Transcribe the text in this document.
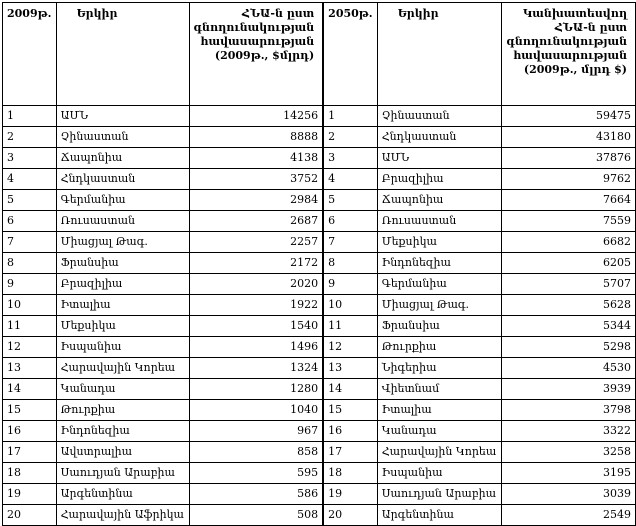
2009թ.	Երկիր	ՀՆԱ-ն ըստ գնողունակության հավասարության (2009թ., $մլրդ)	2050թ.	Երկիր	Կանխատեսվող ՀՆԱ-ն ըստ գնողունակության հավասարության (2009թ., մլրդ $)
1	ԱՄՆ	14256	1	Չինաստան	59475
2	Չինաստան	8888	2	Հնդկաստան	43180
3	Ճապոնիա	4138	3	ԱՄՆ	37876
4	Հնդկաստան	3752	4	Բրազիլիա	9762
5	Գերմանիա	2984	5	Ճապոնիա	7664
6	Ռուսաստան	2687	6	Ռուսաստան	7559
7	Միացյալ Թագ.	2257	7	Մեքսիկա	6682
8	Ֆրանսիա	2172	8	Ինդոնեզիա	6205
9	Բրազիլիա	2020	9	Գերմանիա	5707
10	Իտալիա	1922	10	Միացյալ Թագ.	5628
11	Մեքսիկա	1540	11	Ֆրանսիա	5344
12	Իսպանիա	1496	12	Թուրքիա	5298
13	Հարավային Կորեա	1324	13	Նիգերիա	4530
14	Կանադա	1280	14	Վիետնամ	3939
15	Թուրքիա	1040	15	Իտալիա	3798
16	Ինդոնեզիա	967	16	Կանադա	3322
17	Ավստրալիա	858	17	Հարավային Կորեա	3258
18	Սաուդյան Արաբիա	595	18	Իսպանիա	3195
19	Արգենտինա	586	19	Սաուդյան Արաբիա	3039
20	Հարավային Աֆրիկա	508	20	Արգենտինա	2549
